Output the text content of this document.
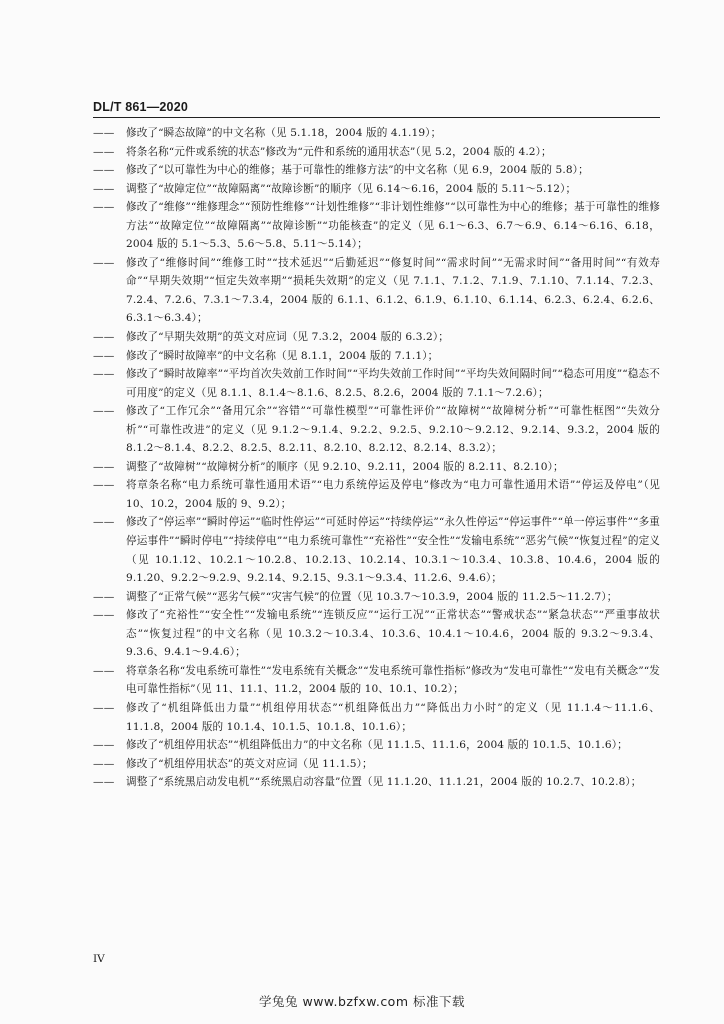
DL/T 861—2020
——	修改了“瞬态故障”的中文名称（见 5.1.18，2004 版的 4.1.19）；
——	将条名称“元件或系统的状态”修改为“元件和系统的通用状态”（见 5.2，2004 版的 4.2）；
——	修改了“以可靠性为中心的维修；基于可靠性的维修方法”的中文名称（见 6.9，2004 版的 5.8）；
——	调整了“故障定位”“故障隔离”“故障诊断”的顺序（见 6.14～6.16，2004 版的 5.11～5.12）；
——	修改了“维修”“维修理念”“预防性维修”“计划性维修”“非计划性维修”“以可靠性为中心的维修；基于可靠性的维修方法”“故障定位”“故障隔离”“故障诊断”“功能核查”的定义（见 6.1～6.3、6.7～6.9、6.14～6.16、6.18，2004 版的 5.1～5.3、5.6～5.8、5.11～5.14）；
——	修改了“维修时间”“维修工时”“技术延迟”“后勤延迟”“修复时间”“需求时间”“无需求时间”“备用时间”“有效寿命”“早期失效期”“恒定失效率期”“损耗失效期”的定义（见 7.1.1、7.1.2、7.1.9、7.1.10、7.1.14、7.2.3、7.2.4、7.2.6、7.3.1～7.3.4，2004 版的 6.1.1、6.1.2、6.1.9、6.1.10、6.1.14、6.2.3、6.2.4、6.2.6、6.3.1～6.3.4）；
——	修改了“早期失效期”的英文对应词（见 7.3.2，2004 版的 6.3.2）；
——	修改了“瞬时故障率”的中文名称（见 8.1.1，2004 版的 7.1.1）；
——	修改了“瞬时故障率”“平均首次失效前工作时间”“平均失效前工作时间”“平均失效间隔时间”“稳态可用度”“稳态不可用度”的定义（见 8.1.1、8.1.4～8.1.6、8.2.5、8.2.6，2004 版的 7.1.1～7.2.6）；
——	修改了“工作冗余”“备用冗余”“容错”“可靠性模型”“可靠性评价”“故障树”“故障树分析”“可靠性框图”“失效分析”“可靠性改进”的定义（见 9.1.2～9.1.4、9.2.2、9.2.5、9.2.10～9.2.12、9.2.14、9.3.2，2004 版的 8.1.2～8.1.4、8.2.2、8.2.5、8.2.11、8.2.10、8.2.12、8.2.14、8.3.2）；
——	调整了“故障树”“故障树分析”的顺序（见 9.2.10、9.2.11，2004 版的 8.2.11、8.2.10）；
——	将章条名称“电力系统可靠性通用术语”“电力系统停运及停电”修改为“电力可靠性通用术语”“停运及停电”（见 10、10.2，2004 版的 9、9.2）；
——	修改了“停运率”“瞬时停运”“临时性停运”“可延时停运”“持续停运”“永久性停运”“停运事件”“单一停运事件”“多重停运事件”“瞬时停电”“持续停电”“电力系统可靠性”“充裕性”“安全性”“发输电系统”“恶劣气候”“恢复过程”的定义（见 10.1.12、10.2.1～10.2.8、10.2.13、10.2.14、10.3.1～10.3.4、10.3.8、10.4.6，2004 版的 9.1.20、9.2.2～9.2.9、9.2.14、9.2.15、9.3.1～9.3.4、11.2.6、9.4.6）；
——	调整了“正常气候”“恶劣气候”“灾害气候”的位置（见 10.3.7～10.3.9，2004 版的 11.2.5～11.2.7）；
——	修改了“充裕性”“安全性”“发输电系统”“连锁反应”“运行工况”“正常状态”“警戒状态”“紧急状态”“严重事故状态”“恢复过程”的中文名称（见 10.3.2～10.3.4、10.3.6、10.4.1～10.4.6，2004 版的 9.3.2～9.3.4、9.3.6、9.4.1～9.4.6）；
——	将章条名称“发电系统可靠性”“发电系统有关概念”“发电系统可靠性指标”修改为“发电可靠性”“发电有关概念”“发电可靠性指标”（见 11、11.1、11.2，2004 版的 10、10.1、10.2）；
——	修改了“机组降低出力量”“机组停用状态”“机组降低出力”“降低出力小时”的定义（见 11.1.4～11.1.6、11.1.8，2004 版的 10.1.4、10.1.5、10.1.8、10.1.6）；
——	修改了“机组停用状态”“机组降低出力”的中文名称（见 11.1.5、11.1.6，2004 版的 10.1.5、10.1.6）；
——	修改了“机组停用状态”的英文对应词（见 11.1.5）；
——	调整了“系统黑启动发电机”“系统黑启动容量”位置（见 11.1.20、11.1.21，2004 版的 10.2.7、10.2.8）；
IV
学兔兔 www.bzfxw.com 标准下载
